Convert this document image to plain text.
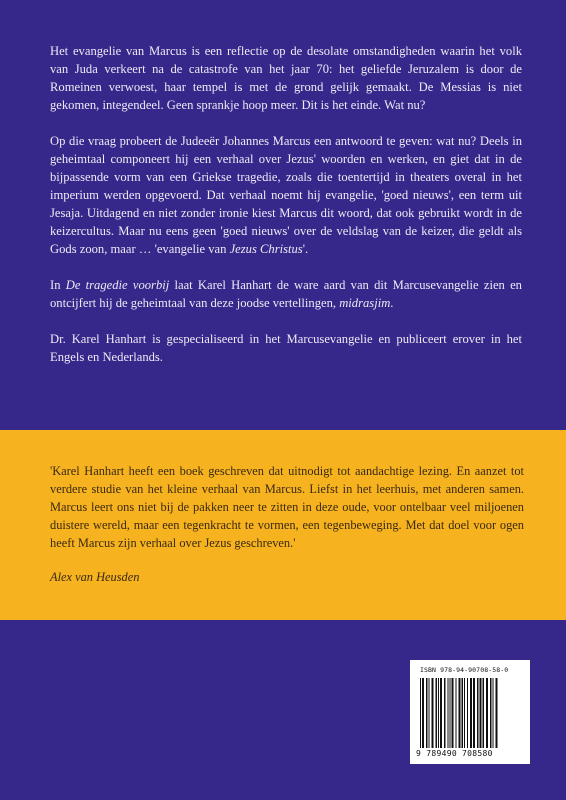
Het evangelie van Marcus is een reflectie op de desolate omstandigheden waarin het volk van Juda verkeert na de catastrofe van het jaar 70: het geliefde Jeruzalem is door de Romeinen verwoest, haar tempel is met de grond gelijk gemaakt. De Messias is niet gekomen, integendeel. Geen sprankje hoop meer. Dit is het einde. Wat nu?

Op die vraag probeert de Judeeër Johannes Marcus een antwoord te geven: wat nu? Deels in geheimtaal componeert hij een verhaal over Jezus' woorden en werken, en giet dat in de bijpassende vorm van een Griekse tragedie, zoals die toentertijd in theaters overal in het imperium werden opgevoerd. Dat verhaal noemt hij evangelie, 'goed nieuws', een term uit Jesaja. Uitdagend en niet zonder ironie kiest Marcus dit woord, dat ook gebruikt wordt in de keizercultus. Maar nu eens geen 'goed nieuws' over de veldslag van de keizer, die geldt als Gods zoon, maar … 'evangelie van Jezus Christus'.

In De tragedie voorbij laat Karel Hanhart de ware aard van dit Marcusevangelie zien en ontcijfert hij de geheimtaal van deze joodse vertellingen, midrasjim.

Dr. Karel Hanhart is gespecialiseerd in het Marcusevangelie en publiceert erover in het Engels en Nederlands.

'Karel Hanhart heeft een boek geschreven dat uitnodigt tot aandachtige lezing. En aanzet tot verdere studie van het kleine verhaal van Marcus. Liefst in het leerhuis, met anderen samen. Marcus leert ons niet bij de pakken neer te zitten in deze oude, voor ontelbaar veel miljoenen duistere wereld, maar een tegenkracht te vormen, een tegenbeweging. Met dat doel voor ogen heeft Marcus zijn verhaal over Jezus geschreven.'

Alex van Heusden

ISBN 978-94-90708-58-0
9 789490 708580
